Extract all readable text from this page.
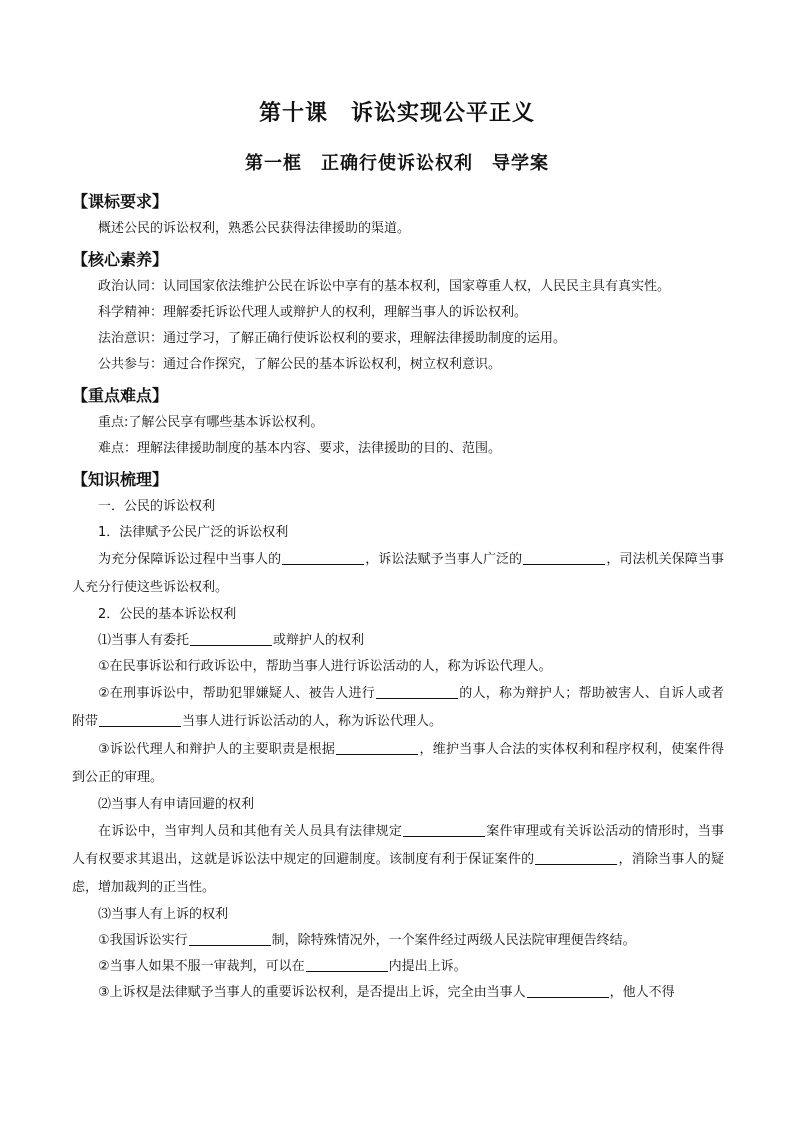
第十课　诉讼实现公平正义
第一框　正确行使诉讼权利　导学案
【课标要求】

概述公民的诉讼权利，熟悉公民获得法律援助的渠道。

【核心素养】

政治认同：认同国家依法维护公民在诉讼中享有的基本权利，国家尊重人权，人民民主具有真实性。

科学精神：理解委托诉讼代理人或辩护人的权利，理解当事人的诉讼权利。

法治意识：通过学习，了解正确行使诉讼权利的要求，理解法律援助制度的运用。

公共参与：通过合作探究，了解公民的基本诉讼权利，树立权利意识。

【重点难点】

重点:了解公民享有哪些基本诉讼权利。

难点：理解法律援助制度的基本内容、要求，法律援助的目的、范围。

【知识梳理】

一．公民的诉讼权利

1．法律赋予公民广泛的诉讼权利

为充分保障诉讼过程中当事人的	，诉讼法赋予当事人广泛的	，司法机关保障当事人充分行使这些诉讼权利。

2．公民的基本诉讼权利

⑴当事人有委托	或辩护人的权利

①在民事诉讼和行政诉讼中，帮助当事人进行诉讼活动的人，称为诉讼代理人。

②在刑事诉讼中，帮助犯罪嫌疑人、被告人进行	的人，称为辩护人；帮助被害人、自诉人或者附带	当事人进行诉讼活动的人，称为诉讼代理人。

③诉讼代理人和辩护人的主要职责是根据	，维护当事人合法的实体权利和程序权利，使案件得到公正的审理。

⑵当事人有申请回避的权利

在诉讼中，当审判人员和其他有关人员具有法律规定	案件审理或有关诉讼活动的情形时，当事人有权要求其退出，这就是诉讼法中规定的回避制度。该制度有利于保证案件的	，消除当事人的疑虑，增加裁判的正当性。

⑶当事人有上诉的权利

①我国诉讼实行	制，除特殊情况外，一个案件经过两级人民法院审理便告终结。

②当事人如果不服一审裁判，可以在	内提出上诉。

③上诉权是法律赋予当事人的重要诉讼权利，是否提出上诉，完全由当事人	，他人不得
